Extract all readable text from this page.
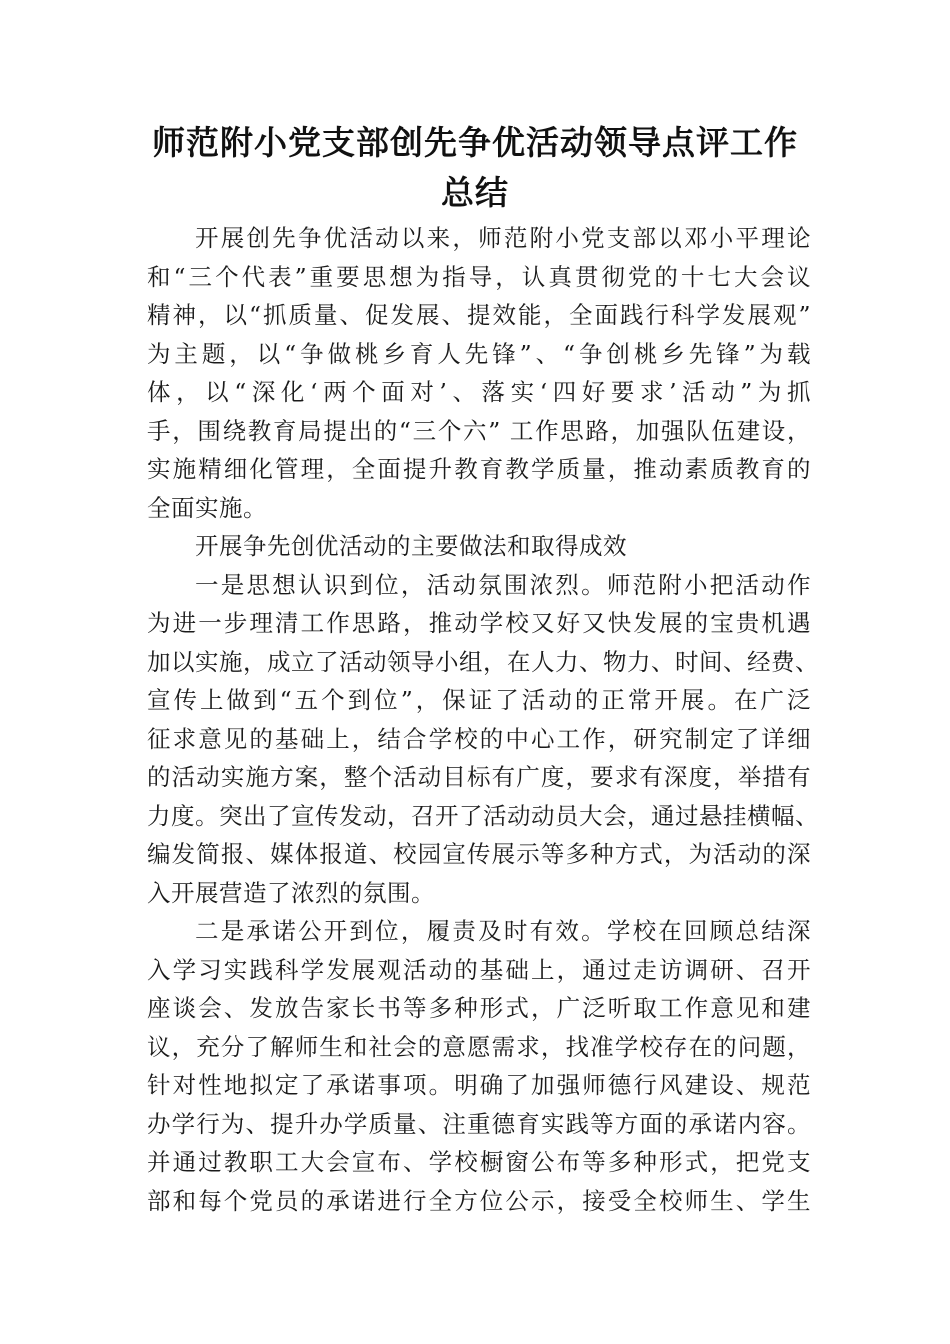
师范附小党支部创先争优活动领导点评工作
总结
开展创先争优活动以来，师范附小党支部以邓小平理论
和“三个代表”重要思想为指导，认真贯彻党的十七大会议
精神，以“抓质量、促发展、提效能，全面践行科学发展观”
为主题，以“争做桃乡育人先锋”、“争创桃乡先锋”为载
体，以“深化‘两个面对’、落实‘四好要求’活动”为抓
手，围绕教育局提出的“三个六” 工作思路，加强队伍建设，
实施精细化管理，全面提升教育教学质量，推动素质教育的
全面实施。
开展争先创优活动的主要做法和取得成效
一是思想认识到位，活动氛围浓烈。师范附小把活动作
为进一步理清工作思路，推动学校又好又快发展的宝贵机遇
加以实施，成立了活动领导小组，在人力、物力、时间、经费、
宣传上做到“五个到位”，保证了活动的正常开展。在广泛
征求意见的基础上，结合学校的中心工作，研究制定了详细
的活动实施方案，整个活动目标有广度，要求有深度，举措有
力度。突出了宣传发动，召开了活动动员大会，通过悬挂横幅、
编发简报、媒体报道、校园宣传展示等多种方式，为活动的深
入开展营造了浓烈的氛围。
二是承诺公开到位，履责及时有效。学校在回顾总结深
入学习实践科学发展观活动的基础上，通过走访调研、召开
座谈会、发放告家长书等多种形式，广泛听取工作意见和建
议，充分了解师生和社会的意愿需求，找准学校存在的问题，
针对性地拟定了承诺事项。明确了加强师德行风建设、规范
办学行为、提升办学质量、注重德育实践等方面的承诺内容。
并通过教职工大会宣布、学校橱窗公布等多种形式，把党支
部和每个党员的承诺进行全方位公示，接受全校师生、学生
